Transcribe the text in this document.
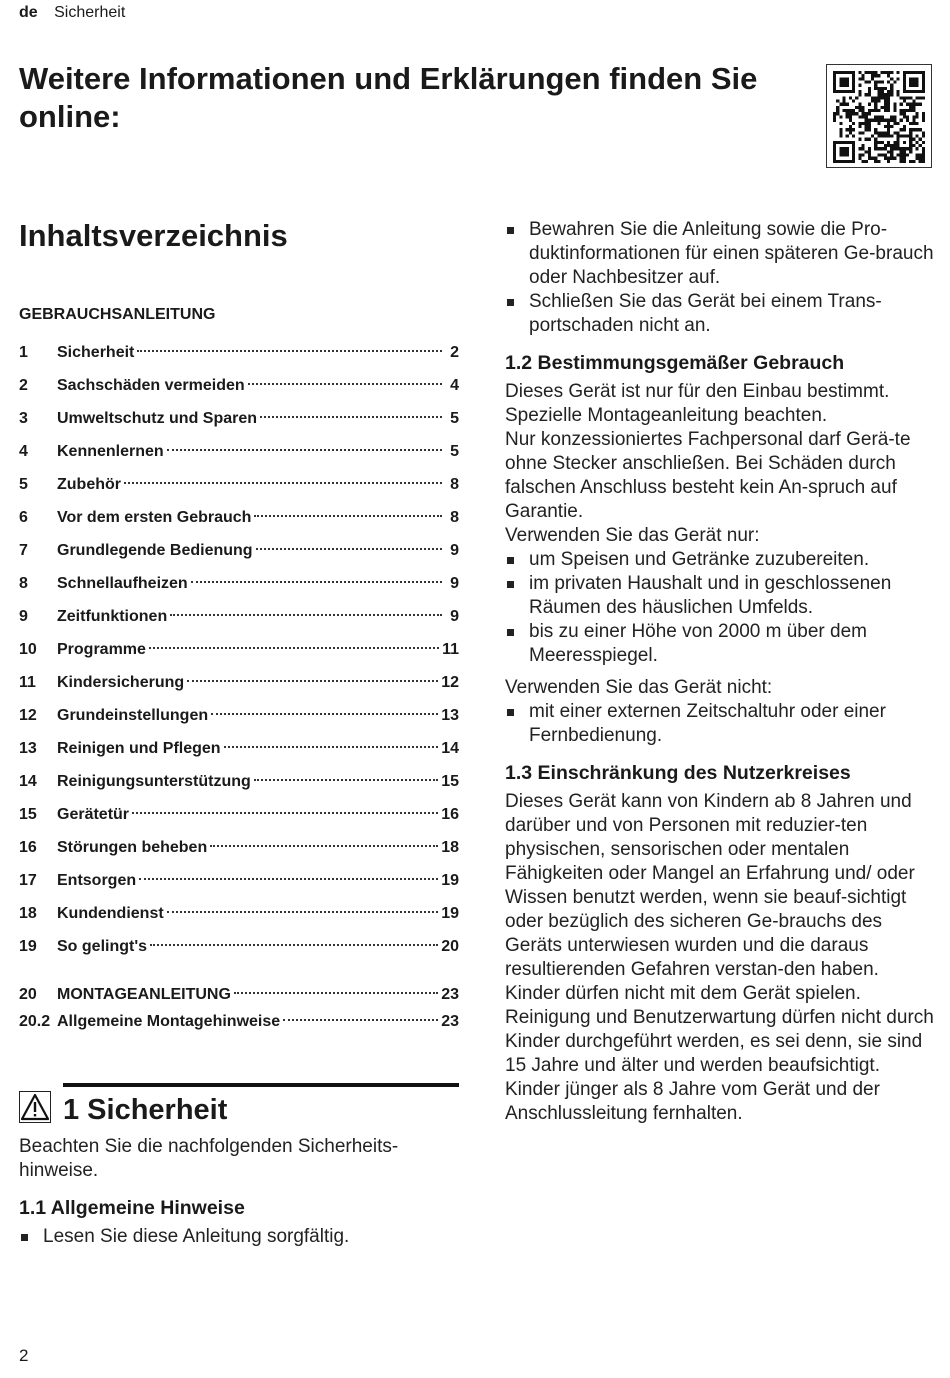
de Sicherheit
Weitere Informationen und Erklärungen finden Sie online:
Inhaltsverzeichnis
GEBRAUCHSANLEITUNG
1	Sicherheit	2
2	Sachschäden vermeiden	4
3	Umweltschutz und Sparen	5
4	Kennenlernen	5
5	Zubehör	8
6	Vor dem ersten Gebrauch	8
7	Grundlegende Bedienung	9
8	Schnellaufheizen	9
9	Zeitfunktionen	9
10	Programme	11
11	Kindersicherung	12
12	Grundeinstellungen	13
13	Reinigen und Pflegen	14
14	Reinigungsunterstützung	15
15	Gerätetür	16
16	Störungen beheben	18
17	Entsorgen	19
18	Kundendienst	19
19	So gelingt's	20
20	MONTAGEANLEITUNG	23
20.2 Allgemeine Montagehinweise	23
1 Sicherheit
Beachten Sie die nachfolgenden Sicherheits-hinweise.
1.1 Allgemeine Hinweise
Lesen Sie diese Anleitung sorgfältig.
Bewahren Sie die Anleitung sowie die Pro-duktinformationen für einen späteren Ge-brauch oder Nachbesitzer auf.
Schließen Sie das Gerät bei einem Trans-portschaden nicht an.
1.2 Bestimmungsgemäßer Gebrauch
Dieses Gerät ist nur für den Einbau bestimmt. Spezielle Montageanleitung beachten.
Nur konzessioniertes Fachpersonal darf Gerä-te ohne Stecker anschließen. Bei Schäden durch falschen Anschluss besteht kein An-spruch auf Garantie.
Verwenden Sie das Gerät nur:
um Speisen und Getränke zuzubereiten.
im privaten Haushalt und in geschlossenen Räumen des häuslichen Umfelds.
bis zu einer Höhe von 2000 m über dem Meeresspiegel.
Verwenden Sie das Gerät nicht:
mit einer externen Zeitschaltuhr oder einer Fernbedienung.
1.3 Einschränkung des Nutzerkreises
Dieses Gerät kann von Kindern ab 8 Jahren und darüber und von Personen mit reduzier-ten physischen, sensorischen oder mentalen Fähigkeiten oder Mangel an Erfahrung und/ oder Wissen benutzt werden, wenn sie beauf-sichtigt oder bezüglich des sicheren Ge-brauchs des Geräts unterwiesen wurden und die daraus resultierenden Gefahren verstan-den haben.
Kinder dürfen nicht mit dem Gerät spielen.
Reinigung und Benutzerwartung dürfen nicht durch Kinder durchgeführt werden, es sei denn, sie sind 15 Jahre und älter und werden beaufsichtigt.
Kinder jünger als 8 Jahre vom Gerät und der Anschlussleitung fernhalten.
2
